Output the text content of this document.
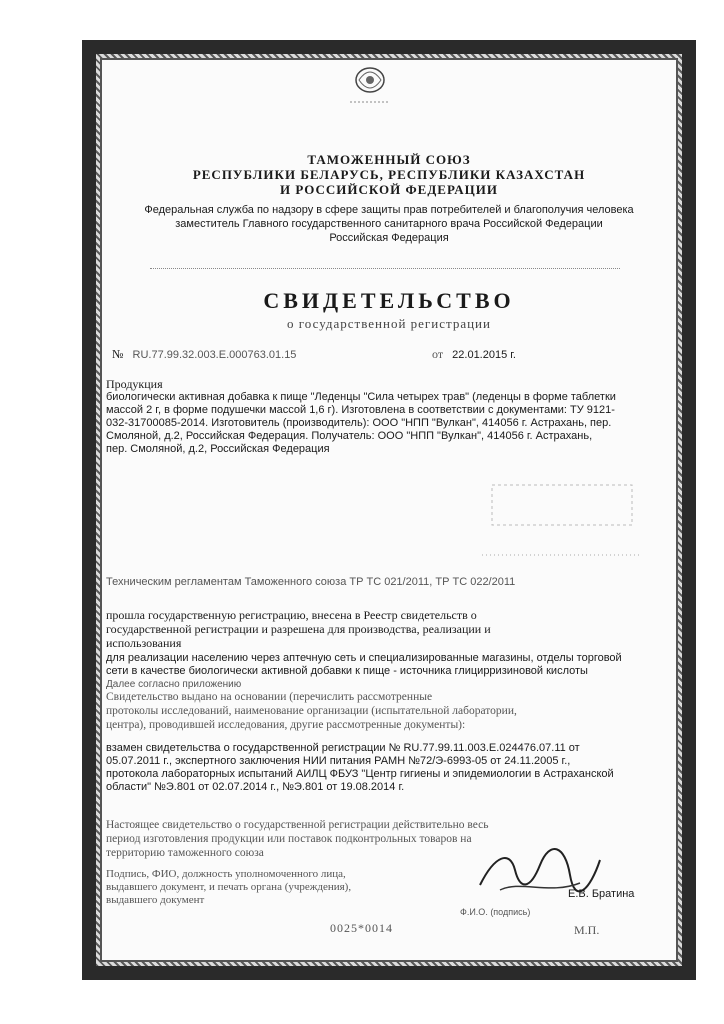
ТАМОЖЕННЫЙ СОЮЗ
РЕСПУБЛИКИ БЕЛАРУСЬ, РЕСПУБЛИКИ КАЗАХСТАН
И РОССИЙСКОЙ ФЕДЕРАЦИИ
Федеральная служба по надзору в сфере защиты прав потребителей и благополучия человека
заместитель Главного государственного санитарного врача Российской Федерации
Российская Федерация
СВИДЕТЕЛЬСТВО
о государственной регистрации
№ RU.77.99.32.003.Е.000763.01.15	от 22.01.2015 г.
Продукция
биологически активная добавка к пище "Леденцы "Сила четырех трав" (леденцы в форме таблетки
массой 2 г, в форме подушечки массой 1,6 г). Изготовлена в соответствии с документами: ТУ 9121-
032-31700085-2014. Изготовитель (производитель): ООО "НПП "Вулкан", 414056 г. Астрахань, пер.
Смоляной, д.2, Российская Федерация. Получатель: ООО "НПП "Вулкан", 414056 г. Астрахань,
пер. Смоляной, д.2, Российская Федерация
Техническим регламентам Таможенного союза ТР ТС 021/2011, ТР ТС 022/2011
прошла государственную регистрацию, внесена в Реестр свидетельств о
государственной регистрации и разрешена для производства, реализации и
использования
для реализации населению через аптечную сеть и специализированные магазины, отделы торговой
сети в качестве биологически активной добавки к пище - источника глицирризиновой кислоты
Далее согласно приложению
Свидетельство выдано на основании (перечислить рассмотренные
протоколы исследований, наименование организации (испытательной лаборатории,
центра), проводившей исследования, другие рассмотренные документы):
взамен свидетельства о государственной регистрации № RU.77.99.11.003.Е.024476.07.11 от
05.07.2011 г., экспертного заключения НИИ питания РАМН №72/Э-6993-05 от 24.11.2005 г.,
протокола лабораторных испытаний АИЛЦ ФБУЗ "Центр гигиены и эпидемиологии в Астраханской
области" №Э.801 от 02.07.2014 г., №Э.801 от 19.08.2014 г.
Настоящее свидетельство о государственной регистрации действительно весь
период изготовления продукции или поставок подконтрольных товаров на
территорию таможенного союза
Подпись, ФИО, должность уполномоченного лица,
выдавшего документ, и печать органа (учреждения),
выдавшего документ	Е.В. Братина
Ф.И.О. (подпись)
М.П.
0025*0014
